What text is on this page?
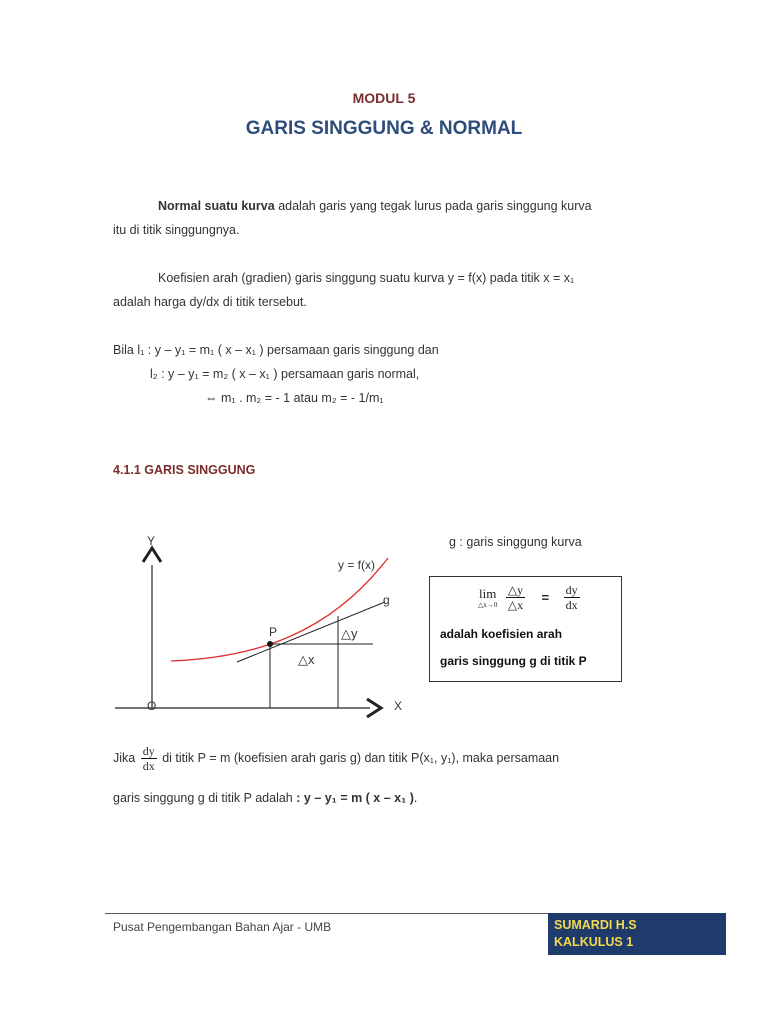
MODUL 5
GARIS SINGGUNG & NORMAL
Normal suatu kurva adalah garis yang tegak lurus pada garis singgung kurva
itu di titik singgungnya.
Koefisien arah (gradien) garis singgung suatu kurva y = f(x) pada titik x = x₁
adalah harga dy/dx di titik tersebut.
Bila l₁ : y – y₁ = m₁ ( x – x₁ ) persamaan garis singgung dan
l₂ : y – y₁ = m₂ ( x – x₁ ) persamaan garis normal,
⇔ m₁ . m₂ = - 1 atau m₂ = - 1/m₁
4.1.1 GARIS SINGGUNG
Y
X
O
y = f(x)
g
P	△y
△x
g : garis singgung kurva
lim
△x→0
$\frac{\triangle y}{\triangle x} = \frac{dy}{dx}$
adalah koefisien arah
garis singgung g di titik P
Jika $\frac{dy}{dx}$ di titik P = m (koefisien arah garis g) dan titik P(x₁, y₁), maka persamaan
garis singgung g di titik P adalah : y – y₁ = m ( x – x₁ ).
Pusat Pengembangan Bahan Ajar - UMB	SUMARDI H.S
KALKULUS 1
